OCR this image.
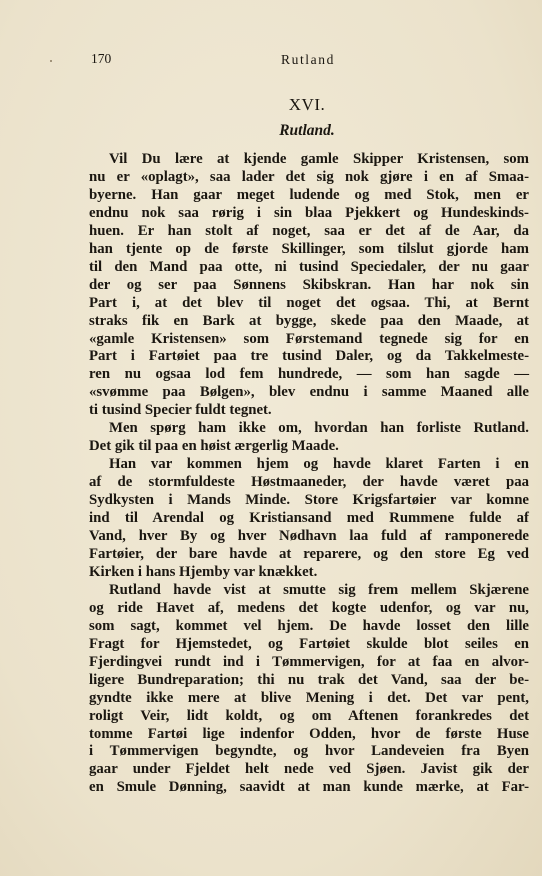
170	Rutland
XVI.
Rutland.
Vil Du lære at kjende gamle Skipper Kristensen, som
nu er «oplagt», saa lader det sig nok gjøre i en af Smaa-
byerne. Han gaar meget ludende og med Stok, men er
endnu nok saa rørig i sin blaa Pjekkert og Hundeskinds-
huen. Er han stolt af noget, saa er det af de Aar, da
han tjente op de første Skillinger, som tilslut gjorde ham
til den Mand paa otte, ni tusind Speciedaler, der nu gaar
der og ser paa Sønnens Skibskran. Han har nok sin
Part i, at det blev til noget det ogsaa. Thi, at Bernt
straks fik en Bark at bygge, skede paa den Maade, at
«gamle Kristensen» som Førstemand tegnede sig for en
Part i Fartøiet paa tre tusind Daler, og da Takkelmeste-
ren nu ogsaa lod fem hundrede, — som han sagde —
«svømme paa Bølgen», blev endnu i samme Maaned alle
ti tusind Specier fuldt tegnet.
Men spørg ham ikke om, hvordan han forliste Rutland.
Det gik til paa en høist ærgerlig Maade.
Han var kommen hjem og havde klaret Farten i en
af de stormfuldeste Høstmaaneder, der havde været paa
Sydkysten i Mands Minde. Store Krigsfartøier var komne
ind til Arendal og Kristiansand med Rummene fulde af
Vand, hver By og hver Nødhavn laa fuld af ramponerede
Fartøier, der bare havde at reparere, og den store Eg ved
Kirken i hans Hjemby var knækket.
Rutland havde vist at smutte sig frem mellem Skjærene
og ride Havet af, medens det kogte udenfor, og var nu,
som sagt, kommet vel hjem. De havde losset den lille
Fragt for Hjemstedet, og Fartøiet skulde blot seiles en
Fjerdingvei rundt ind i Tømmervigen, for at faa en alvor-
ligere Bundreparation; thi nu trak det Vand, saa der be-
gyndte ikke mere at blive Mening i det. Det var pent,
roligt Veir, lidt koldt, og om Aftenen forankredes det
tomme Fartøi lige indenfor Odden, hvor de første Huse
i Tømmervigen begyndte, og hvor Landeveien fra Byen
gaar under Fjeldet helt nede ved Sjøen. Javist gik der
en Smule Dønning, saavidt at man kunde mærke, at Far-
